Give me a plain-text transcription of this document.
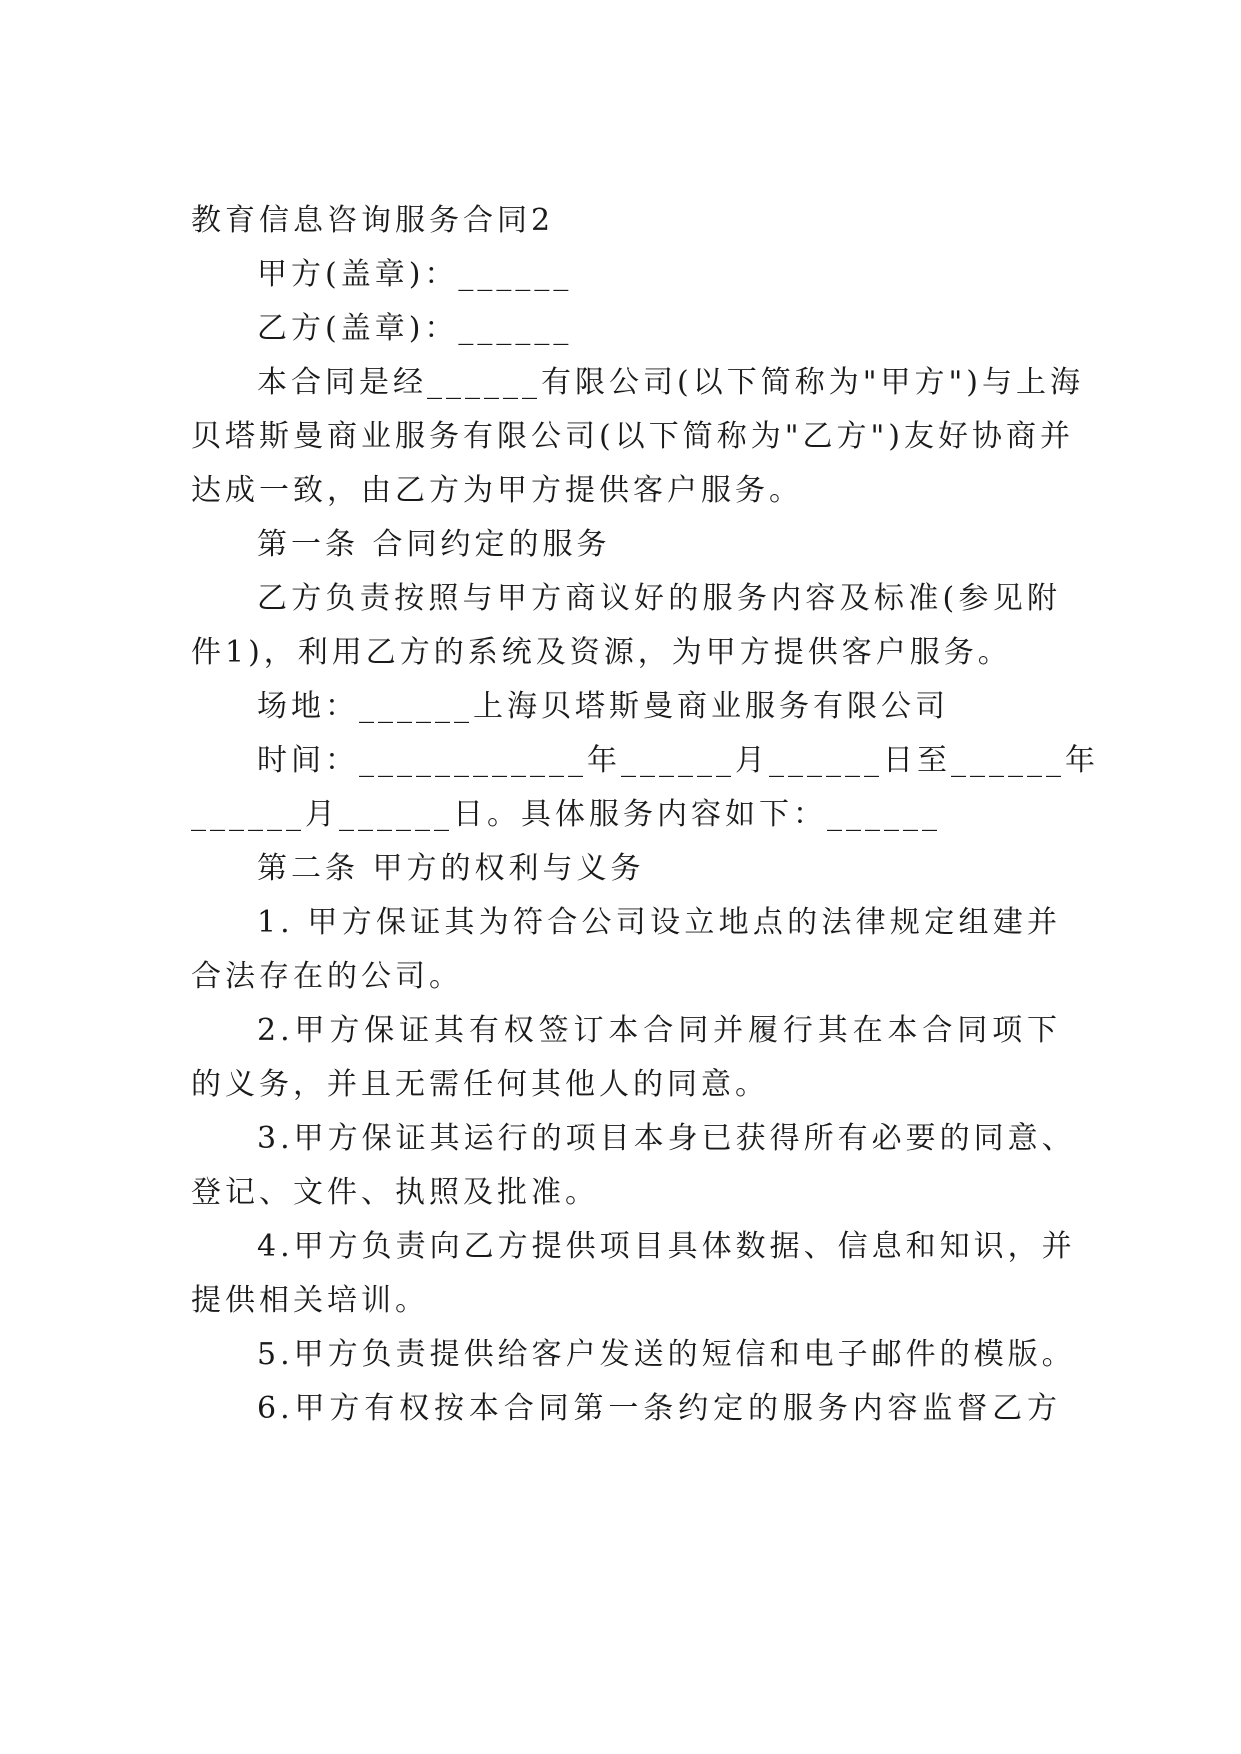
教育信息咨询服务合同2
甲方(盖章)：______
乙方(盖章)：______
本合同是经______有限公司(以下简称为"甲方")与上海
贝塔斯曼商业服务有限公司(以下简称为"乙方")友好协商并
达成一致，由乙方为甲方提供客户服务。
第一条 合同约定的服务
乙方负责按照与甲方商议好的服务内容及标准(参见附
件1)，利用乙方的系统及资源，为甲方提供客户服务。
场地：______上海贝塔斯曼商业服务有限公司
时间：____________年______月______日至______年
______月______日。具体服务内容如下：______
第二条 甲方的权利与义务
1. 甲方保证其为符合公司设立地点的法律规定组建并
合法存在的公司。
2.甲方保证其有权签订本合同并履行其在本合同项下
的义务，并且无需任何其他人的同意。
3.甲方保证其运行的项目本身已获得所有必要的同意、
登记、文件、执照及批准。
4.甲方负责向乙方提供项目具体数据、信息和知识，并
提供相关培训。
5.甲方负责提供给客户发送的短信和电子邮件的模版。
6.甲方有权按本合同第一条约定的服务内容监督乙方
